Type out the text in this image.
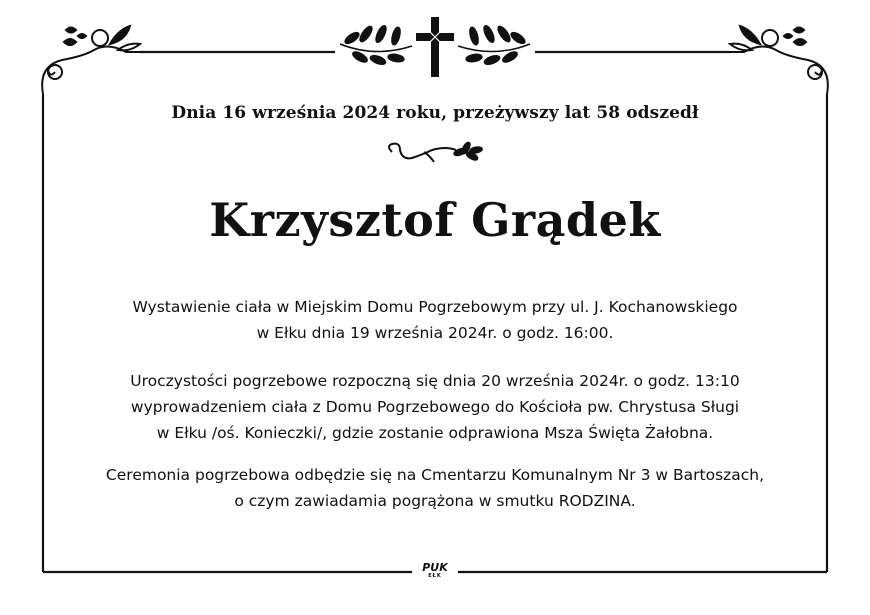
Dnia 16 września 2024 roku, przeżywszy lat 58 odszedł
Krzysztof Grądek
Wystawienie ciała w Miejskim Domu Pogrzebowym przy ul. J. Kochanowskiego
w Ełku dnia 19 września 2024r. o godz. 16:00.
Uroczystości pogrzebowe rozpoczną się dnia 20 września 2024r. o godz. 13:10
wyprowadzeniem ciała z Domu Pogrzebowego do Kościoła pw. Chrystusa Sługi
w Ełku /oś. Konieczki/, gdzie zostanie odprawiona Msza Święta Żałobna.
Ceremonia pogrzebowa odbędzie się na Cmentarzu Komunalnym Nr 3 w Bartoszach,
o czym zawiadamia pogrążona w smutku RODZINA.
PUK
EŁK
